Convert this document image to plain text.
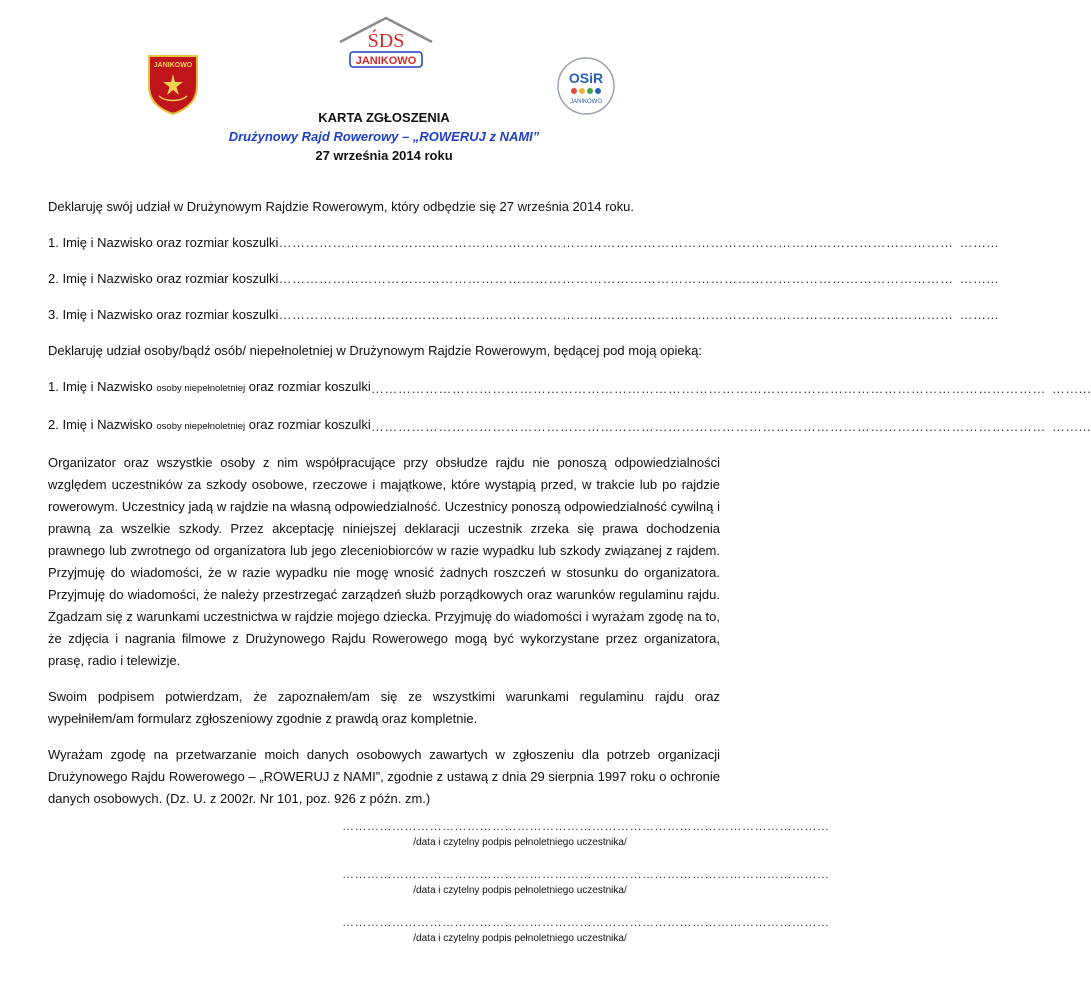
JANIKOWO
ŚDS
JANIKOWO
OSiR
JANIKOWO
KARTA ZGŁOSZENIA
Drużynowy Rajd Rowerowy – „ROWERUJ z NAMI”
27 września 2014 roku
Deklaruję swój udział w Drużynowym Rajdzie Rowerowym, który odbędzie się 27 września 2014 roku.
1. Imię i Nazwisko oraz rozmiar koszulki …………………………………………………………………………………………………………………………………… ……...
2. Imię i Nazwisko oraz rozmiar koszulki …………………………………………………………………………………………………………………………………… ……...
3. Imię i Nazwisko oraz rozmiar koszulki …………………………………………………………………………………………………………………………………… ……...
Deklaruję udział osoby/bądź osób/ niepełnoletniej w Drużynowym Rajdzie Rowerowym, będącej pod moją opieką:
1. Imię i Nazwisko osoby niepełnoletniej oraz rozmiar koszulki …………………………………………………………………………………………………………………………………… ……...
2. Imię i Nazwisko osoby niepełnoletniej oraz rozmiar koszulki …………………………………………………………………………………………………………………………………… ……...
Organizator oraz wszystkie osoby z nim współpracujące przy obsłudze rajdu nie ponoszą odpowiedzialności względem uczestników za szkody osobowe, rzeczowe i majątkowe, które wystąpią przed, w trakcie lub po rajdzie rowerowym. Uczestnicy jadą w rajdzie na własną odpowiedzialność. Uczestnicy ponoszą odpowiedzialność cywilną i prawną za wszelkie szkody. Przez akceptację niniejszej deklaracji uczestnik zrzeka się prawa dochodzenia prawnego lub zwrotnego od organizatora lub jego zleceniobiorców w razie wypadku lub szkody związanej z rajdem. Przyjmuję do wiadomości, że w razie wypadku nie mogę wnosić żadnych roszczeń w stosunku do organizatora. Przyjmuję do wiadomości, że należy przestrzegać zarządzeń służb porządkowych oraz warunków regulaminu rajdu. Zgadzam się z warunkami uczestnictwa w rajdzie mojego dziecka. Przyjmuję do wiadomości i wyrażam zgodę na to, że zdjęcia i nagrania filmowe z Drużynowego Rajdu Rowerowego mogą być wykorzystane przez organizatora, prasę, radio i telewizje.
Swoim podpisem potwierdzam, że zapoznałem/am się ze wszystkimi warunkami regulaminu rajdu oraz wypełniłem/am formularz zgłoszeniowy zgodnie z prawdą oraz kompletnie.
Wyrażam zgodę na przetwarzanie moich danych osobowych zawartych w zgłoszeniu dla potrzeb organizacji Drużynowego Rajdu Rowerowego – „ROWERUJ z NAMI”, zgodnie z ustawą z dnia 29 sierpnia 1997 roku o ochronie danych osobowych. (Dz. U. z 2002r. Nr 101, poz. 926 z późn. zm.)
………………………………………………………………………………………………………
/data i czytelny podpis pełnoletniego uczestnika/
………………………………………………………………………………………………………
/data i czytelny podpis pełnoletniego uczestnika/
………………………………………………………………………………………………………
/data i czytelny podpis pełnoletniego uczestnika/
